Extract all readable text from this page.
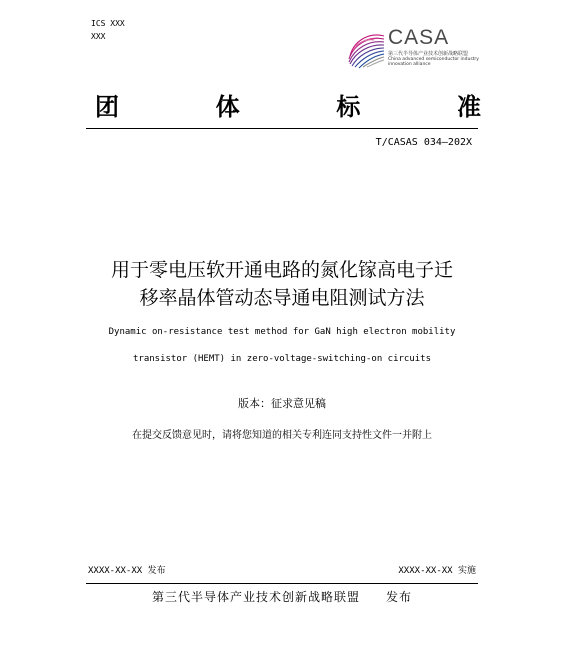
ICS XXX
XXX	CASA
第三代半导体产业技术创新战略联盟
China advanced semiconductor industry
innovation alliance
团	体	标	准
T/CASAS 034—202X
用于零电压软开通电路的氮化镓高电子迁
移率晶体管动态导通电阻测试方法
Dynamic on-resistance test method for GaN high electron mobility
transistor (HEMT) in zero-voltage-switching-on circuits
版本：征求意见稿
在提交反馈意见时，请将您知道的相关专利连同支持性文件一并附上
XXXX-XX-XX 发布	XXXX-XX-XX 实施
第三代半导体产业技术创新战略联盟　　发布
